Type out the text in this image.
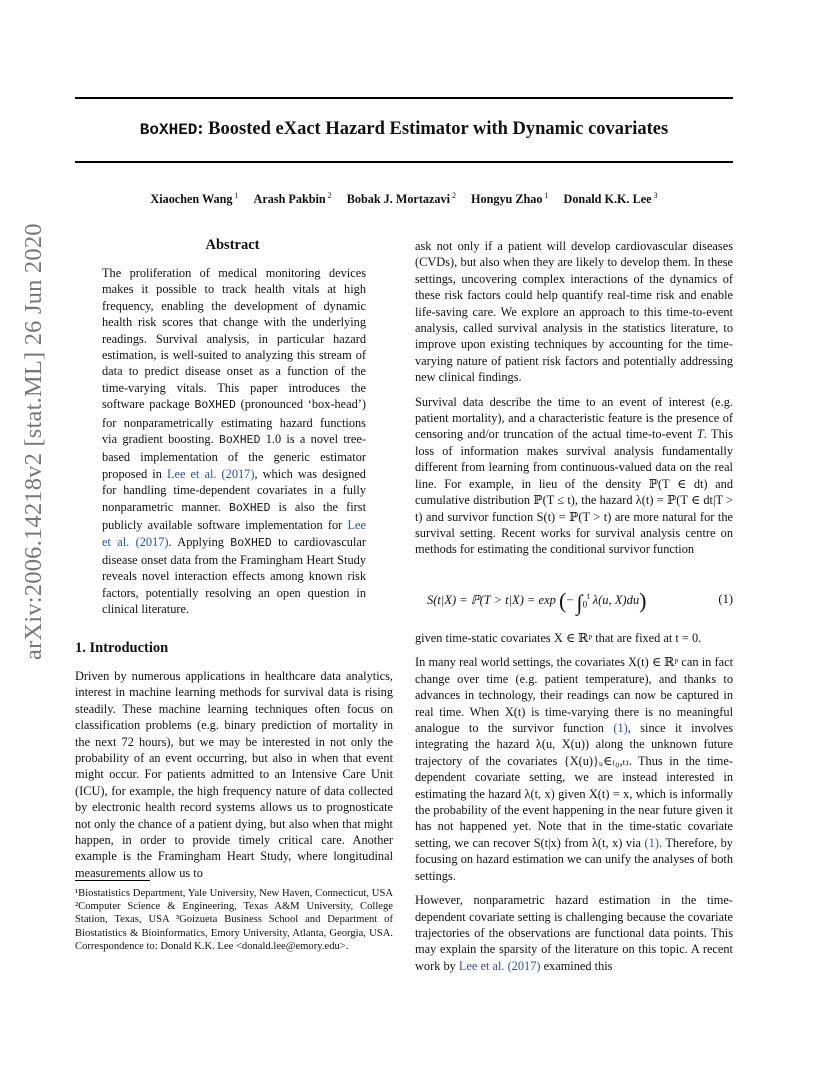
BoXHED: Boosted eXact Hazard Estimator with Dynamic covariates
Xiaochen Wang $^1$ Arash Pakbin $^2$ Bobak J. Mortazavi $^2$ Hongyu Zhao $^1$ Donald K.K. Lee $^3$
arXiv:2006.14218v2 [stat.ML] 26 Jun 2020	Abstract

The proliferation of medical monitoring devices makes it possible to track health vitals at high frequency, enabling the development of dynamic health risk scores that change with the underlying readings. Survival analysis, in particular hazard estimation, is well-suited to analyzing this stream of data to predict disease onset as a function of the time-varying vitals. This paper introduces the software package BoXHED (pronounced ‘box-head’) for nonparametrically estimating hazard functions via gradient boosting. BoXHED 1.0 is a novel tree-based implementation of the generic estimator proposed in Lee et al. (2017), which was designed for handling time-dependent covariates in a fully nonparametric manner. BoXHED is also the first publicly available software implementation for Lee et al. (2017). Applying BoXHED to cardiovascular disease onset data from the Framingham Heart Study reveals novel interaction effects among known risk factors, potentially resolving an open question in clinical literature.

1. Introduction

Driven by numerous applications in healthcare data analytics, interest in machine learning methods for survival data is rising steadily. These machine learning techniques often focus on classification problems (e.g. binary prediction of mortality in the next 72 hours), but we may be interested in not only the probability of an event occurring, but also in when that event might occur. For patients admitted to an Intensive Care Unit (ICU), for example, the high frequency nature of data collected by electronic health record systems allows us to prognosticate not only the chance of a patient dying, but also when that might happen, in order to provide timely critical care. Another example is the Framingham Heart Study, where longitudinal measurements allow us to

¹Biostatistics Department, Yale University, New Haven, Connecticut, USA ²Computer Science & Engineering, Texas A&M University, College Station, Texas, USA ³Goizueta Business School and Department of Biostatistics & Bioinformatics, Emory University, Atlanta, Georgia, USA. Correspondence to: Donald K.K. Lee <donald.lee@emory.edu>.

ask not only if a patient will develop cardiovascular diseases (CVDs), but also when they are likely to develop them. In these settings, uncovering complex interactions of the dynamics of these risk factors could help quantify real-time risk and enable life-saving care. We explore an approach to this time-to-event analysis, called survival analysis in the statistics literature, to improve upon existing techniques by accounting for the time-varying nature of patient risk factors and potentially addressing new clinical findings.

Survival data describe the time to an event of interest (e.g. patient mortality), and a characteristic feature is the presence of censoring and/or truncation of the actual time-to-event T. This loss of information makes survival analysis fundamentally different from learning from continuous-valued data on the real line. For example, in lieu of the density ℙ(T ∈ dt) and cumulative distribution ℙ(T ≤ t), the hazard λ(t) = ℙ(T ∈ dt|T > t) and survivor function S(t) = ℙ(T > t) are more natural for the survival setting. Recent works for survival analysis centre on methods for estimating the conditional survivor function

S(t|X) = ℙ(T > t|X) = exp (− $\int_0^t$ λ(u, X)du)	(1)

given time-static covariates X ∈ ℝᵖ that are fixed at t = 0.

In many real world settings, the covariates X(t) ∈ ℝᵖ can in fact change over time (e.g. patient temperature), and thanks to advances in technology, their readings can now be captured in real time. When X(t) is time-varying there is no meaningful analogue to the survivor function (1), since it involves integrating the hazard λ(u, X(u)) along the unknown future trajectory of the covariates {X(u)}ᵤ∈₍₀,ₜ₎. Thus in the time-dependent covariate setting, we are instead interested in estimating the hazard λ(t, x) given X(t) = x, which is informally the probability of the event happening in the near future given it has not happened yet. Note that in the time-static covariate setting, we can recover S(t|x) from λ(t, x) via (1). Therefore, by focusing on hazard estimation we can unify the analyses of both settings.

However, nonparametric hazard estimation in the time-dependent covariate setting is challenging because the covariate trajectories of the observations are functional data points. This may explain the sparsity of the literature on this topic. A recent work by Lee et al. (2017) examined this
